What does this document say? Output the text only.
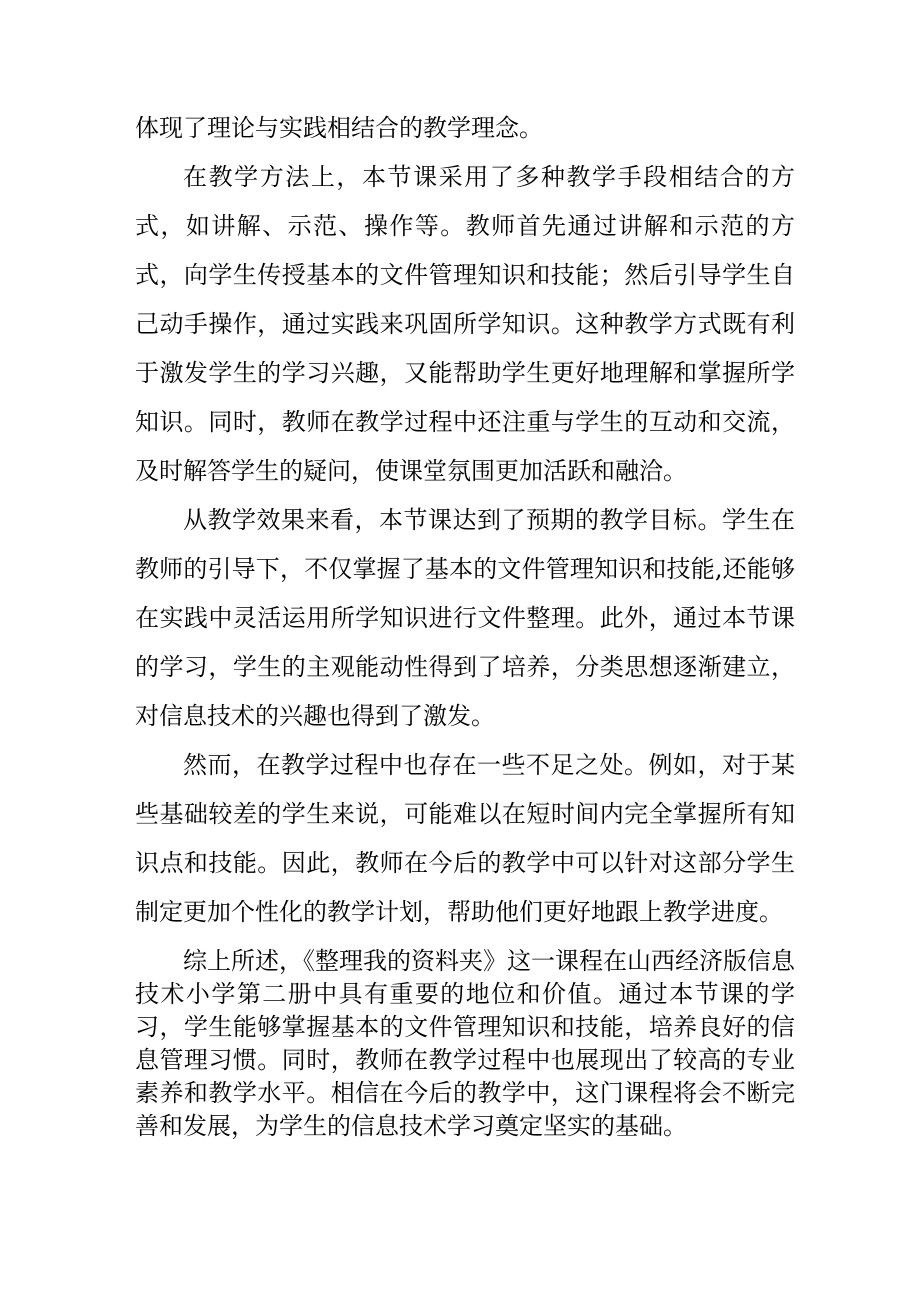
体现了理论与实践相结合的教学理念。

在教学方法上，本节课采用了多种教学手段相结合的方式，如讲解、示范、操作等。教师首先通过讲解和示范的方式，向学生传授基本的文件管理知识和技能；然后引导学生自己动手操作，通过实践来巩固所学知识。这种教学方式既有利于激发学生的学习兴趣，又能帮助学生更好地理解和掌握所学知识。同时，教师在教学过程中还注重与学生的互动和交流，及时解答学生的疑问，使课堂氛围更加活跃和融洽。

从教学效果来看，本节课达到了预期的教学目标。学生在教师的引导下，不仅掌握了基本的文件管理知识和技能,还能够在实践中灵活运用所学知识进行文件整理。此外，通过本节课的学习，学生的主观能动性得到了培养，分类思想逐渐建立，对信息技术的兴趣也得到了激发。

然而，在教学过程中也存在一些不足之处。例如，对于某些基础较差的学生来说，可能难以在短时间内完全掌握所有知识点和技能。因此，教师在今后的教学中可以针对这部分学生制定更加个性化的教学计划，帮助他们更好地跟上教学进度。

综上所述，《整理我的资料夹》这一课程在山西经济版信息技术小学第二册中具有重要的地位和价值。通过本节课的学习，学生能够掌握基本的文件管理知识和技能，培养良好的信息管理习惯。同时，教师在教学过程中也展现出了较高的专业素养和教学水平。相信在今后的教学中，这门课程将会不断完善和发展，为学生的信息技术学习奠定坚实的基础。
